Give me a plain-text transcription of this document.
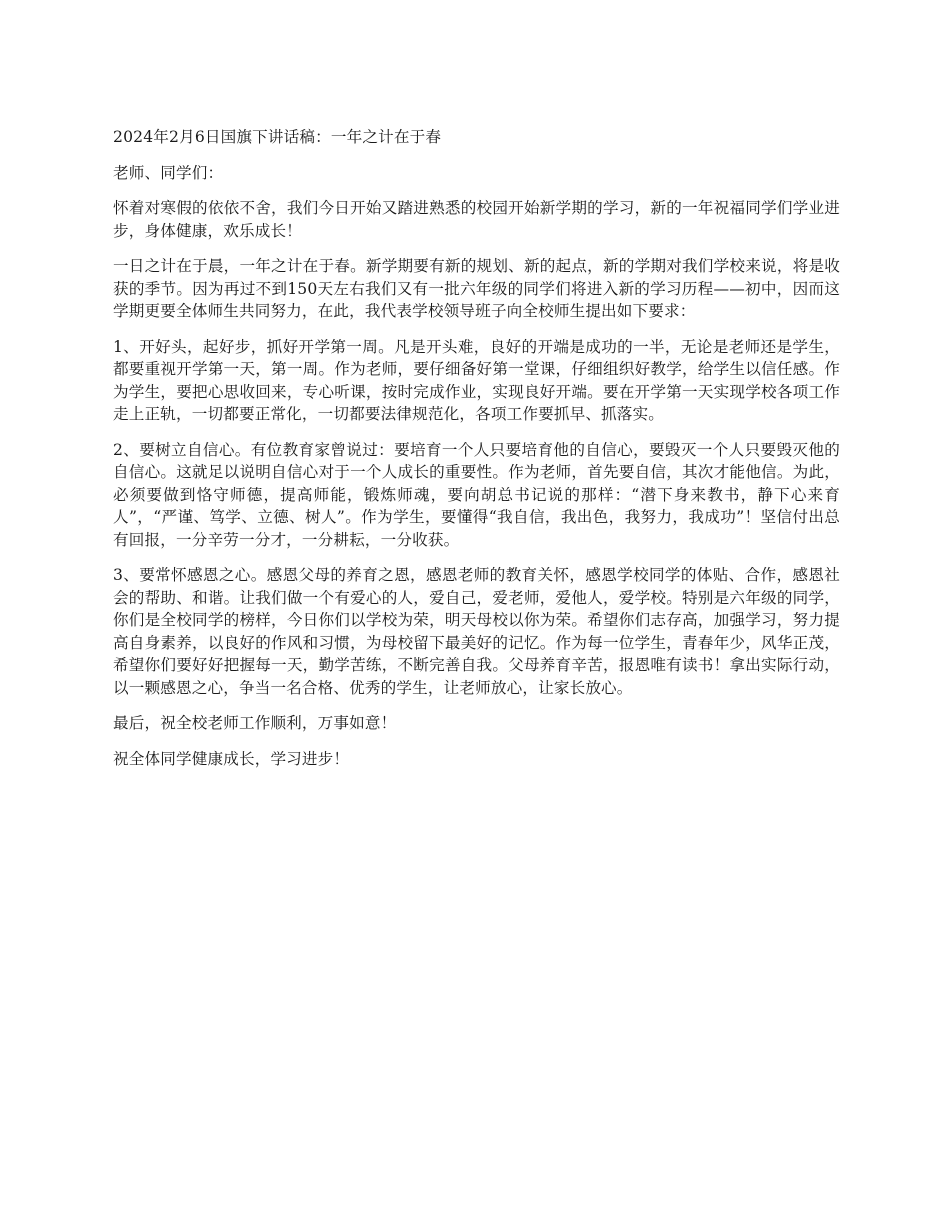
2024年2月6日国旗下讲话稿：一年之计在于春

老师、同学们：

怀着对寒假的依依不舍，我们今日开始又踏进熟悉的校园开始新学期的学习，新的一年祝福同学们学业进步，身体健康，欢乐成长！

一日之计在于晨，一年之计在于春。新学期要有新的规划、新的起点，新的学期对我们学校来说，将是收获的季节。因为再过不到150天左右我们又有一批六年级的同学们将进入新的学习历程——初中，因而这学期更要全体师生共同努力，在此，我代表学校领导班子向全校师生提出如下要求：

1、开好头，起好步，抓好开学第一周。凡是开头难，良好的开端是成功的一半，无论是老师还是学生，都要重视开学第一天，第一周。作为老师，要仔细备好第一堂课，仔细组织好教学，给学生以信任感。作为学生，要把心思收回来，专心听课，按时完成作业，实现良好开端。要在开学第一天实现学校各项工作走上正轨，一切都要正常化，一切都要法律规范化，各项工作要抓早、抓落实。

2、要树立自信心。有位教育家曾说过：要培育一个人只要培育他的自信心，要毁灭一个人只要毁灭他的自信心。这就足以说明自信心对于一个人成长的重要性。作为老师，首先要自信，其次才能他信。为此，必须要做到恪守师德，提高师能，锻炼师魂，要向胡总书记说的那样：“潜下身来教书，静下心来育人”，“严谨、笃学、立德、树人”。作为学生，要懂得“我自信，我出色，我努力，我成功”！坚信付出总有回报，一分辛劳一分才，一分耕耘，一分收获。

3、要常怀感恩之心。感恩父母的养育之恩，感恩老师的教育关怀，感恩学校同学的体贴、合作，感恩社会的帮助、和谐。让我们做一个有爱心的人，爱自己，爱老师，爱他人，爱学校。特别是六年级的同学，你们是全校同学的榜样，今日你们以学校为荣，明天母校以你为荣。希望你们志存高，加强学习，努力提高自身素养，以良好的作风和习惯，为母校留下最美好的记忆。作为每一位学生，青春年少，风华正茂，希望你们要好好把握每一天，勤学苦练，不断完善自我。父母养育辛苦，报恩唯有读书！拿出实际行动，以一颗感恩之心，争当一名合格、优秀的学生，让老师放心，让家长放心。

最后，祝全校老师工作顺利，万事如意！

祝全体同学健康成长，学习进步！
